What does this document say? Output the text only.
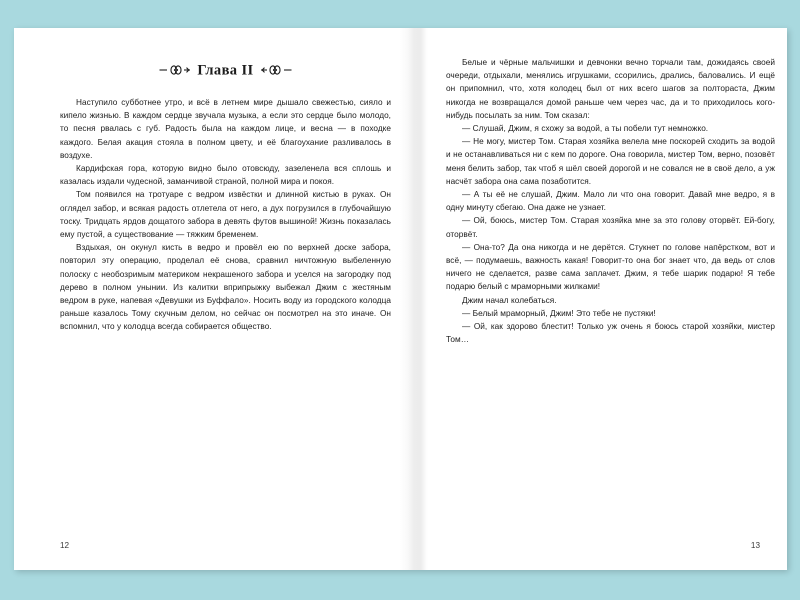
Глава II

Наступило субботнее утро, и всё в летнем мире дышало свежестью, сияло и кипело жизнью. В каждом сердце звучала музыка, а если это сердце было молодо, то песня рвалась с губ. Радость была на каждом лице, и весна — в походке каждого. Белая акация стояла в полном цвету, и её благоухание разливалось в воздухе.

Кардифская гора, которую видно было отовсюду, зазеленела вся сплошь и казалась издали чудесной, заманчивой страной, полной мира и покоя.

Том появился на тротуаре с ведром извёстки и длинной кистью в руках. Он оглядел забор, и всякая радость отлетела от него, а дух погрузился в глубочайшую тоску. Тридцать ярдов дощатого забора в девять футов вышиной! Жизнь показалась ему пустой, а существование — тяжким бременем.

Вздыхая, он окунул кисть в ведро и провёл ею по верхней доске забора, повторил эту операцию, проделал её снова, сравнил ничтожную выбеленную полоску с необозримым материком некрашеного забора и уселся на загородку под дерево в полном унынии. Из калитки вприпрыжку выбежал Джим с жестяным ведром в руке, напевая «Девушки из Буффало». Носить воду из городского колодца раньше казалось Тому скучным делом, но сейчас он посмотрел на это иначе. Он вспомнил, что у колодца всегда собирается общество.

12

Белые и чёрные мальчишки и девчонки вечно торчали там, дожидаясь своей очереди, отдыхали, менялись игрушками, ссорились, дрались, баловались. И ещё он припомнил, что, хотя колодец был от них всего шагов за полтораста, Джим никогда не возвращался домой раньше чем через час, да и то приходилось кого-нибудь посылать за ним. Том сказал:

— Слушай, Джим, я схожу за водой, а ты побели тут немножко.

— Не могу, мистер Том. Старая хозяйка велела мне поскорей сходить за водой и не останавливаться ни с кем по дороге. Она говорила, мистер Том, верно, позовёт меня белить забор, так чтоб я шёл своей дорогой и не совался не в своё дело, а уж насчёт забора она сама позаботится.

— А ты её не слушай, Джим. Мало ли что она говорит. Давай мне ведро, я в одну минуту сбегаю. Она даже не узнает.

— Ой, боюсь, мистер Том. Старая хозяйка мне за это голову оторвёт. Ей-богу, оторвёт.

— Она-то? Да она никогда и не дерётся. Стукнет по голове напёрстком, вот и всё, — подумаешь, важность какая! Говорит-то она бог знает что, да ведь от слов ничего не сделается, разве сама заплачет. Джим, я тебе шарик подарю! Я тебе подарю белый с мраморными жилками!

Джим начал колебаться.

— Белый мраморный, Джим! Это тебе не пустяки!

— Ой, как здорово блестит! Только уж очень я боюсь старой хозяйки, мистер Том…

13
